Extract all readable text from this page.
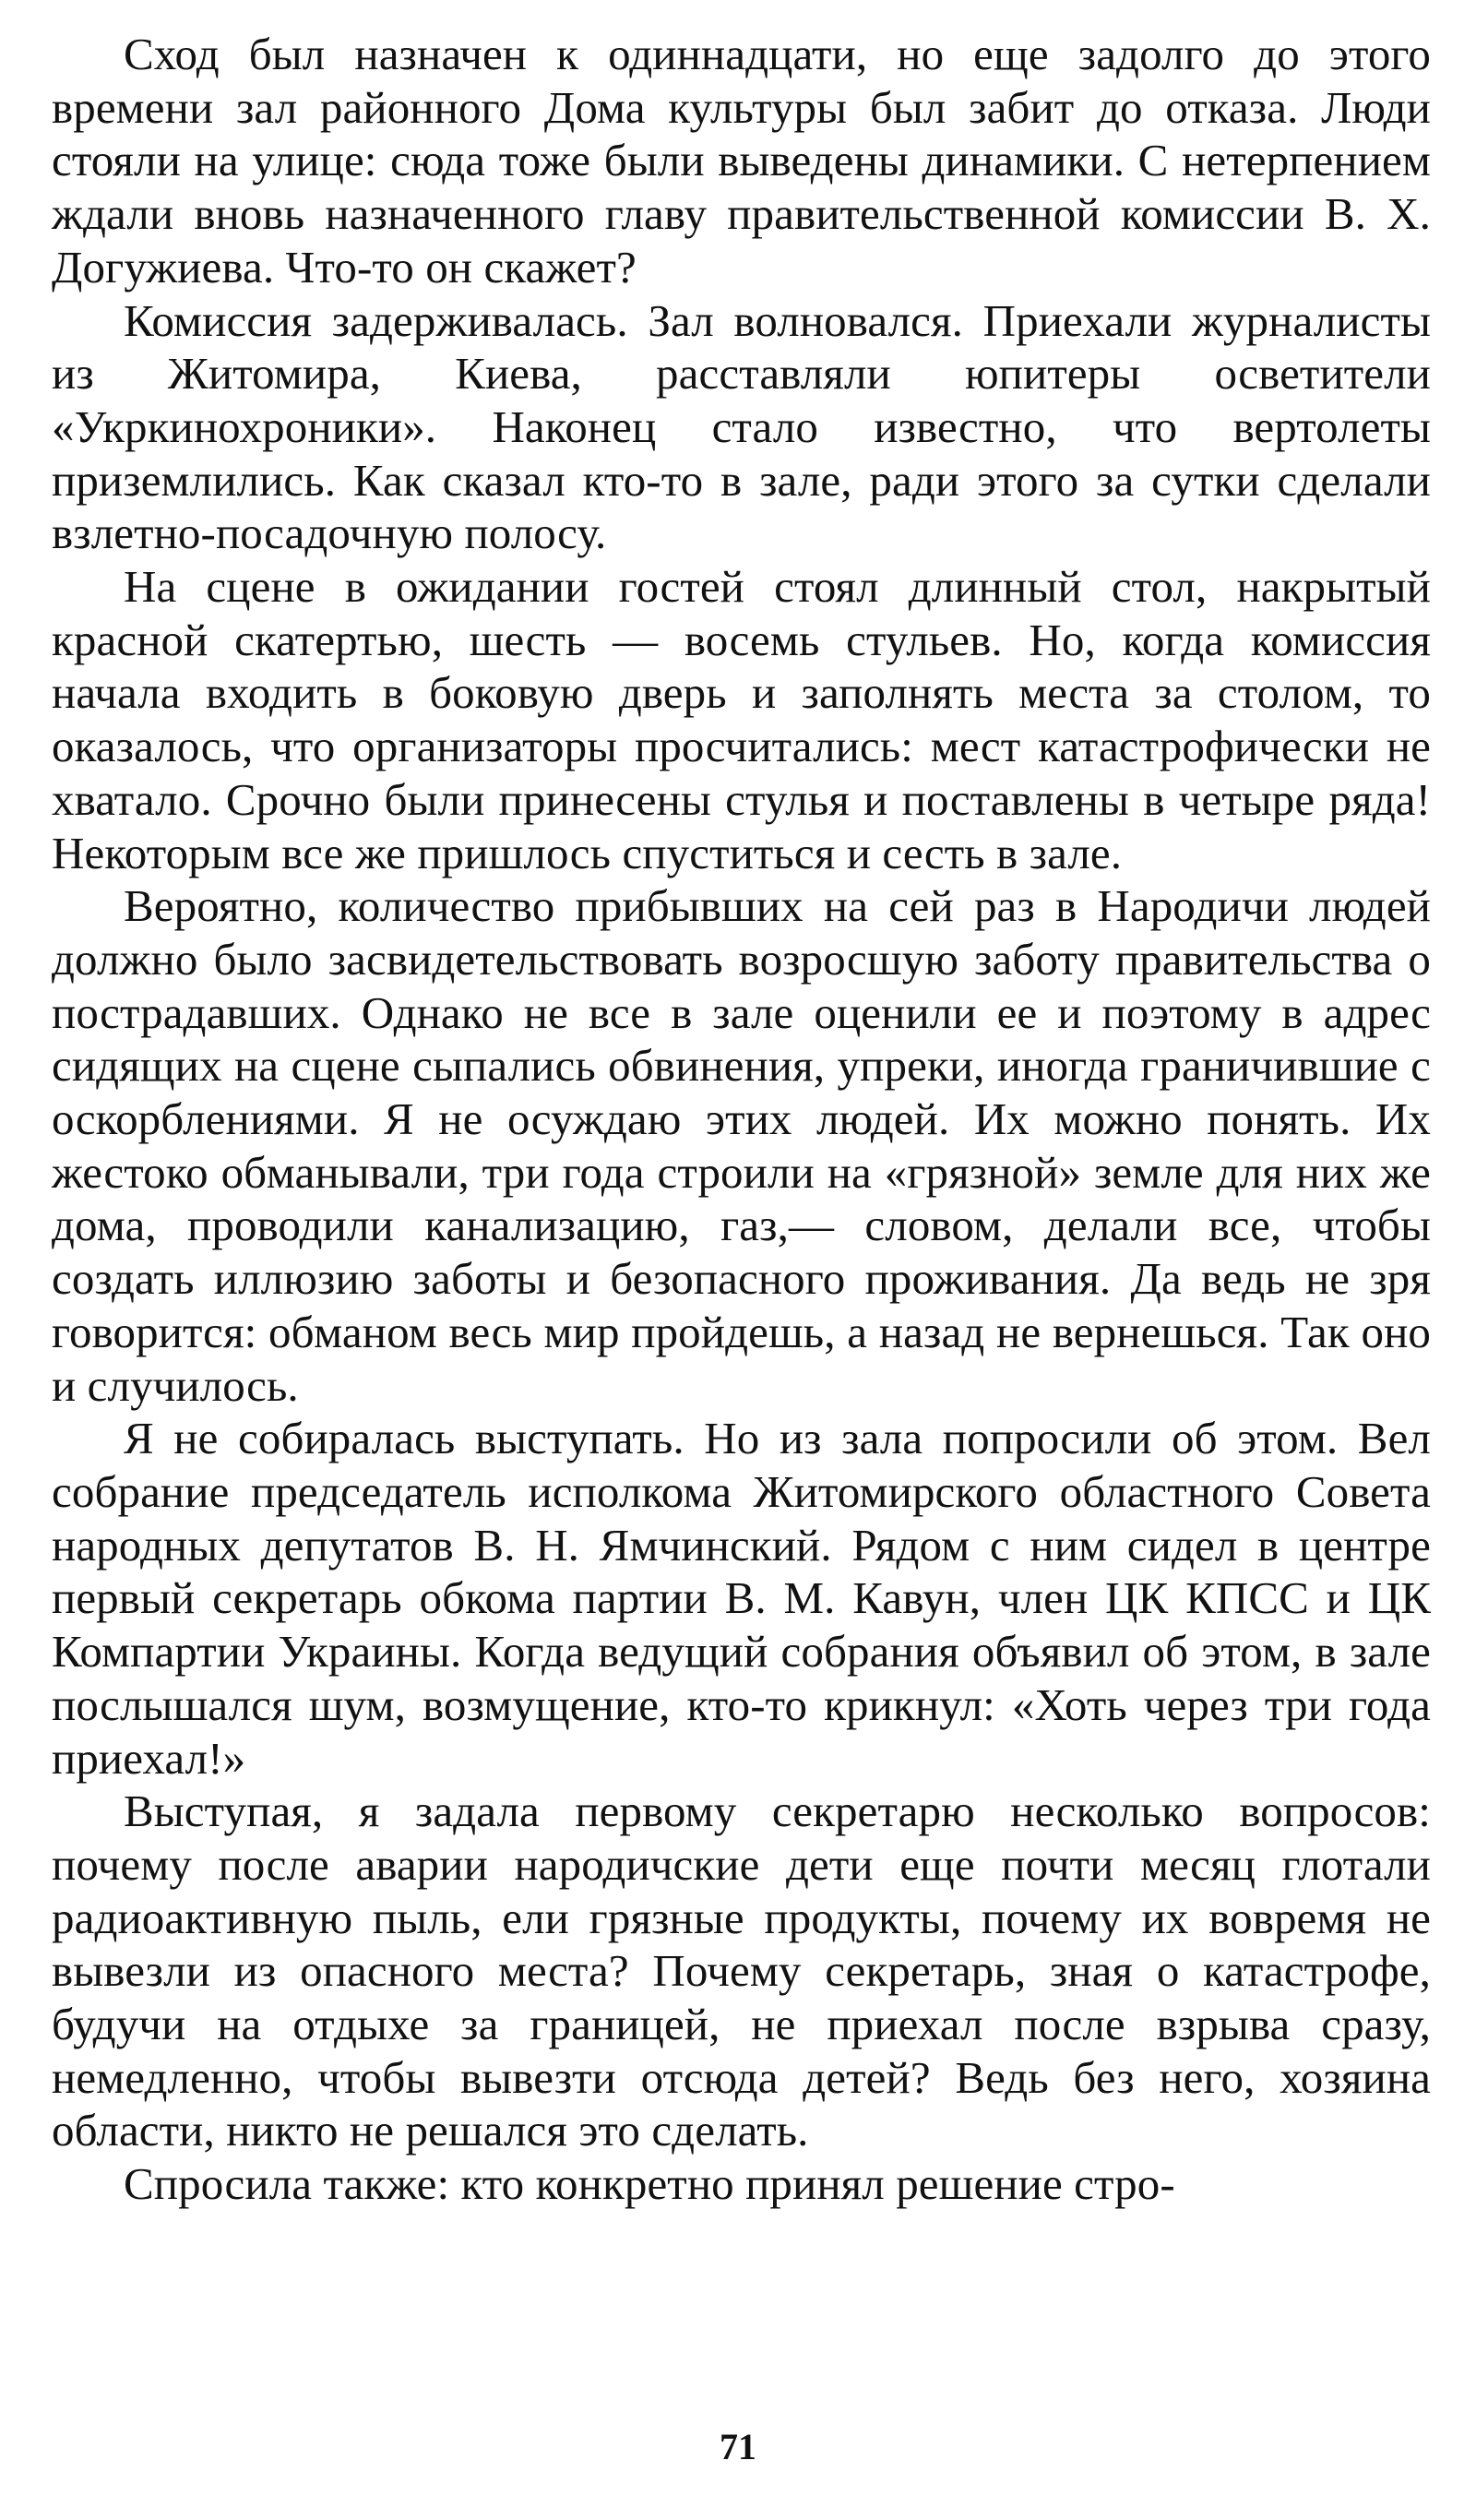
Сход был назначен к одиннадцати, но еще задолго до этого времени зал районного Дома культуры был забит до отказа. Люди стояли на улице: сюда тоже были выведены динамики. С нетерпением ждали вновь назначенного главу правительственной комиссии В. Х. Догужиева. Что-то он скажет?

Комиссия задерживалась. Зал волновался. Приехали журналисты из Житомира, Киева, расставляли юпитеры осветители «Укркинохроники». Наконец стало известно, что вертолеты приземлились. Как сказал кто-то в зале, ради этого за сутки сделали взлетно-посадочную полосу.

На сцене в ожидании гостей стоял длинный стол, накрытый красной скатертью, шесть — восемь стульев. Но, когда комиссия начала входить в боковую дверь и заполнять места за столом, то оказалось, что организаторы просчитались: мест катастрофически не хватало. Срочно были принесены стулья и поставлены в четыре ряда! Некоторым все же пришлось спуститься и сесть в зале.

Вероятно, количество прибывших на сей раз в Народичи людей должно было засвидетельствовать возросшую заботу правительства о пострадавших. Однако не все в зале оценили ее и поэтому в адрес сидящих на сцене сыпались обвинения, упреки, иногда граничившие с оскорблениями. Я не осуждаю этих людей. Их можно понять. Их жестоко обманывали, три года строили на «грязной» земле для них же дома, проводили канализацию, газ,— словом, делали все, чтобы создать иллюзию заботы и безопасного проживания. Да ведь не зря говорится: обманом весь мир пройдешь, а назад не вернешься. Так оно и случилось.

Я не собиралась выступать. Но из зала попросили об этом. Вел собрание председатель исполкома Житомирского областного Совета народных депутатов В. Н. Ямчинский. Рядом с ним сидел в центре первый секретарь обкома партии В. М. Кавун, член ЦК КПСС и ЦК Компартии Украины. Когда ведущий собрания объявил об этом, в зале послышался шум, возмущение, кто-то крикнул: «Хоть через три года приехал!»

Выступая, я задала первому секретарю несколько вопросов: почему после аварии народичские дети еще почти месяц глотали радиоактивную пыль, ели грязные продукты, почему их вовремя не вывезли из опасного места? Почему секретарь, зная о катастрофе, будучи на отдыхе за границей, не приехал после взрыва сразу, немедленно, чтобы вывезти отсюда детей? Ведь без него, хозяина области, никто не решался это сделать.

Спросила также: кто конкретно принял решение стро-

71
